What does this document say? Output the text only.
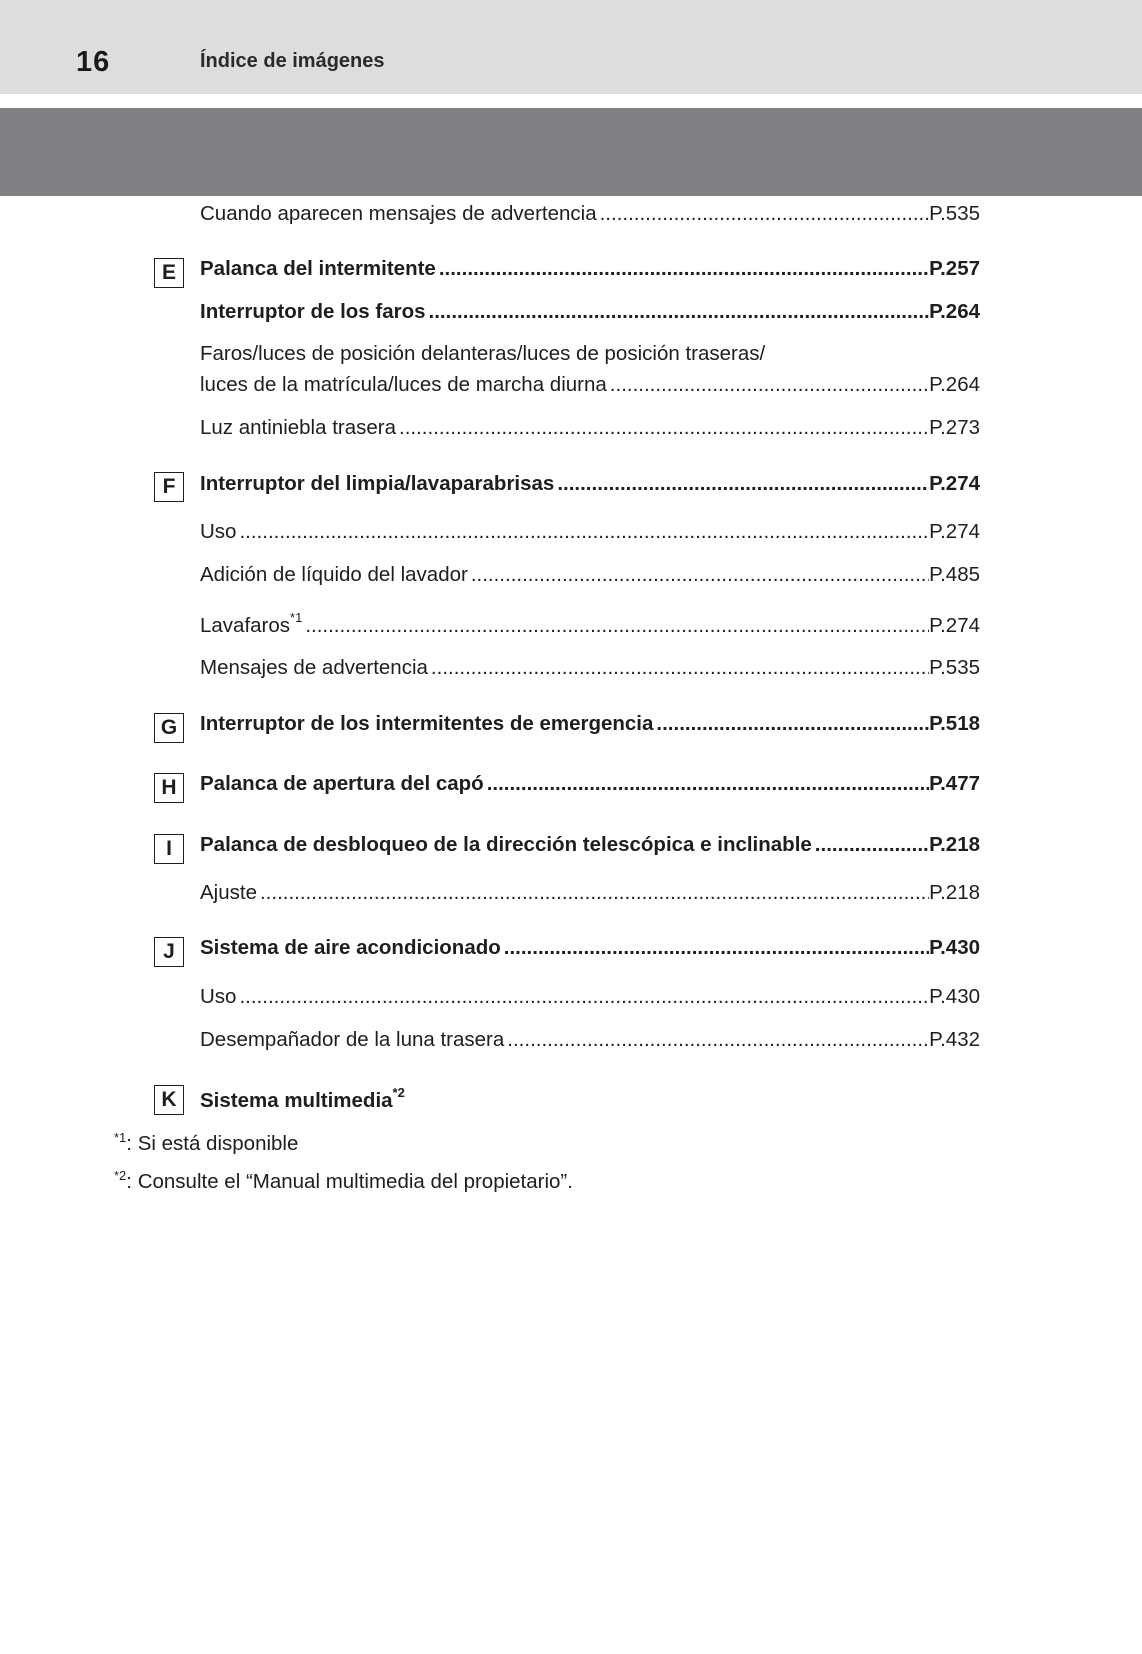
16	Índice de imágenes
Cuando aparecen mensajes de advertencia .....	P.535
E	Palanca del intermitente .....	P.257
Interruptor de los faros .....	P.264
Faros/luces de posición delanteras/luces de posición traseras/
luces de la matrícula/luces de marcha diurna .....	P.264
Luz antiniebla trasera .....	P.273
F	Interruptor del limpia/lavaparabrisas .....	P.274
Uso .....	P.274
Adición de líquido del lavador .....	P.485
Lavafaros$^{*1}$ .....	P.274
Mensajes de advertencia .....	P.535
G	Interruptor de los intermitentes de emergencia .....	P.518
H	Palanca de apertura del capó .....	P.477
I	Palanca de desbloqueo de la dirección telescópica e inclinable .....	P.218
Ajuste .....	P.218
J	Sistema de aire acondicionado .....	P.430
Uso .....	P.430
Desempañador de la luna trasera .....	P.432
K	Sistema multimedia$^{*2}$
$^{*1}$: Si está disponible
$^{*2}$: Consulte el “Manual multimedia del propietario”.
